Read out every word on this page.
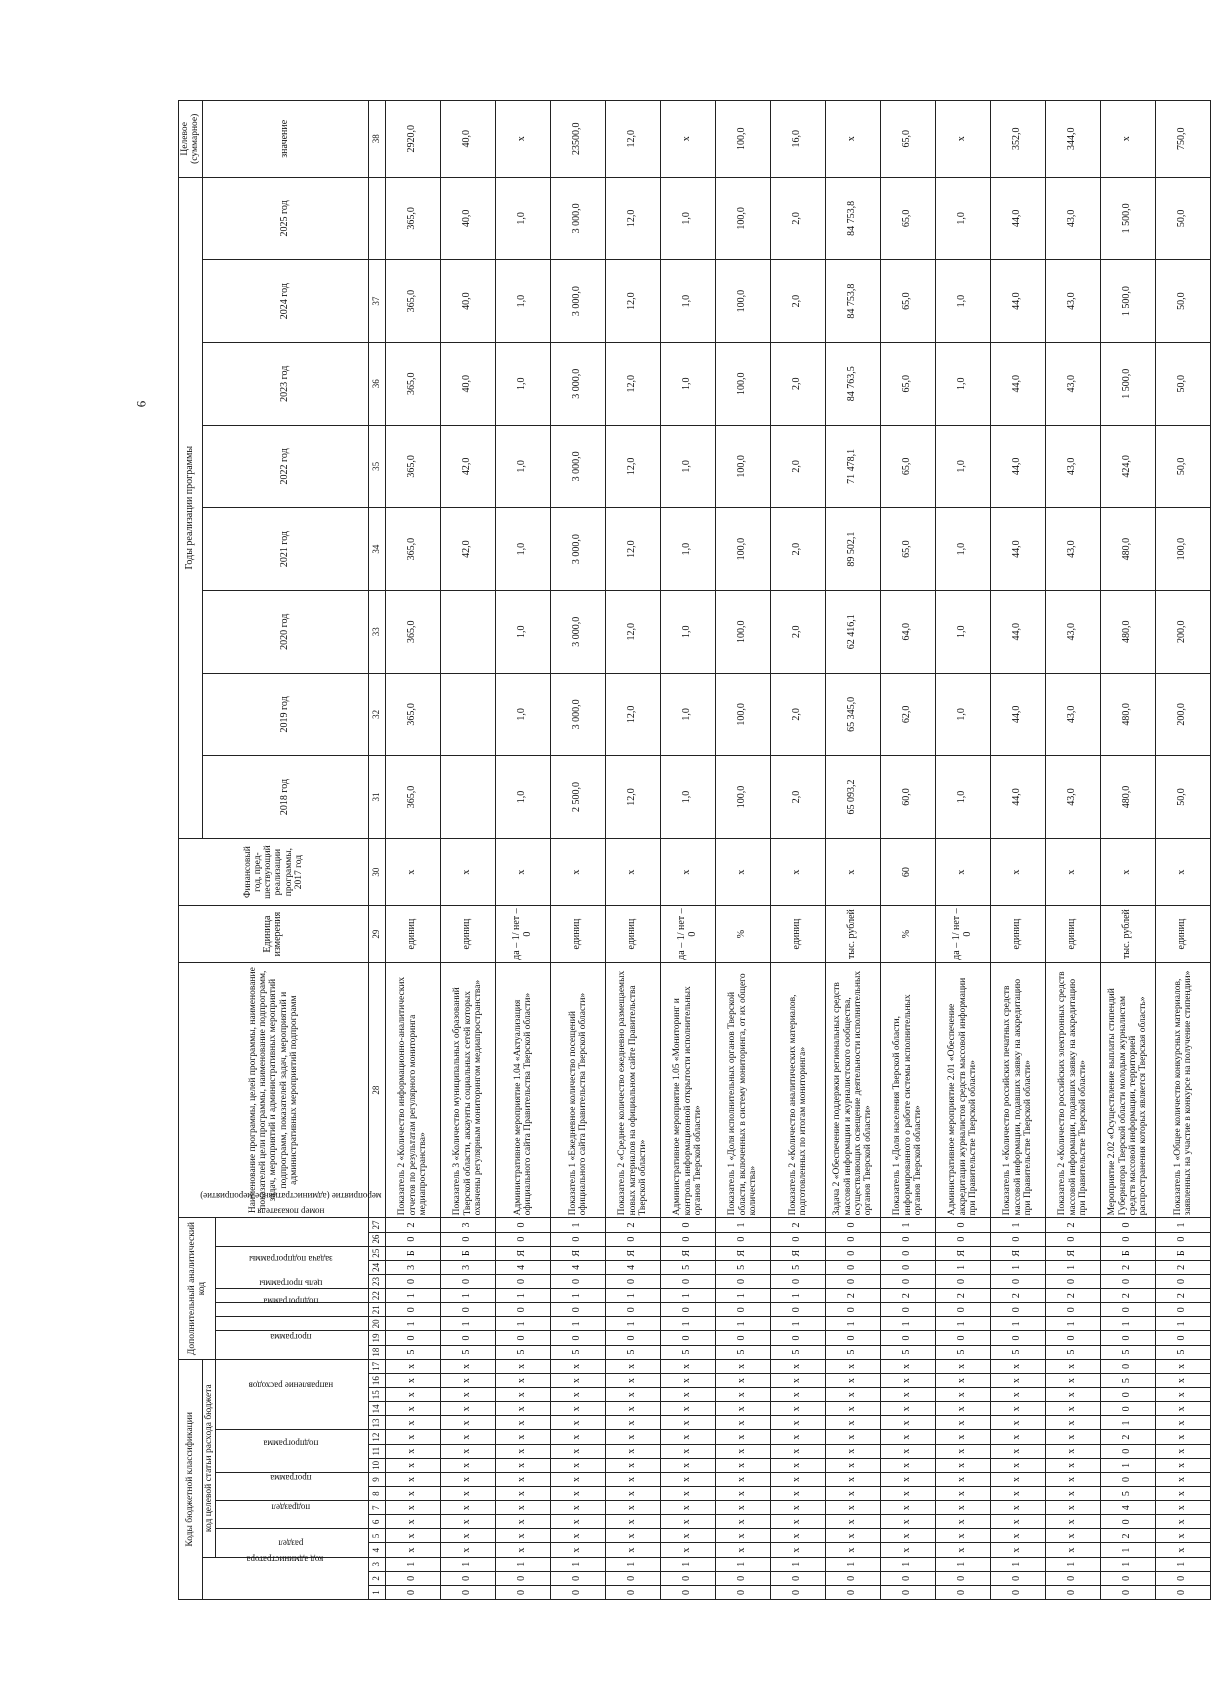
6
Коды бюджетной классификации																	Дополнительный аналитический код										Наименование программы, целей программы, наименование показателей цели программы, наименование подпрограмм, задач, мероприятий и административных мероприятий подпрограмм, показателей задач, мероприятий и административных мероприятий подпрограмм	Единица измерения	Финансовый год, пред-шествующий реализации программы, 2017 год	Годы реализации программы								Целевое (суммарное)
код администратора			код целевой статьи расхода бюджета																											2018 год	2019 год	2020 год	2021 год	2022 год	2023 год	2024 год	2025 год	значение
			раздел		подраздел		программа		подпрограмма			направление расходов					программа		подпрограмма	цель программы	задача подпрограммы	мероприятие (административное мероприятие)			номер показателя													
1	2	3	4	5	6	7	8	9	10	11	12	13	14	15	16	17	18	19	20	21	22	23	24	25	26	27	28	29	30	31	32	33	34	35	36	37		38
0	0	1	х	х	х	х	х	х	х	х	х	х	х	х	х	х	5	0	1	0	1	0	3	Б	0	2	Показатель 2 «Количество информационно-аналитических отчетов по результатам регулярного мониторинга медиапространства»	единиц	х	365,0	365,0	365,0	365,0	365,0	365,0	365,0	365,0	2920,0
0	0	1	х	х	х	х	х	х	х	х	х	х	х	х	х	х	5	0	1	0	1	0	3	Б	0	3	Показатель 3 «Количество муниципальных образований Тверской области, аккаунты социальных сетей которых охвачены регулярным мониторингом медиапространства»	единиц	х				42,0	42,0	40,0	40,0	40,0	40,0
0	0	1	х	х	х	х	х	х	х	х	х	х	х	х	х	х	5	0	1	0	1	0	4	Я	0	0	Административное мероприятие 1.04 «Актуализация официального сайта Правительства Тверской области»	да – 1/ нет – 0	х	1,0	1,0	1,0	1,0	1,0	1,0	1,0	1,0	х
0	0	1	х	х	х	х	х	х	х	х	х	х	х	х	х	х	5	0	1	0	1	0	4	Я	0	1	Показатель 1 «Ежедневное количество посещений официального сайта Правительства Тверской области»	единиц	х	2 500,0	3 000,0	3 000,0	3 000,0	3 000,0	3 000,0	3 000,0	3 000,0	23500,0
0	0	1	х	х	х	х	х	х	х	х	х	х	х	х	х	х	5	0	1	0	1	0	4	Я	0	2	Показатель 2 «Среднее количество ежедневно размещаемых новых материалов на официальном сайте Правительства Тверской области»	единиц	х	12,0	12,0	12,0	12,0	12,0	12,0	12,0	12,0	12,0
0	0	1	х	х	х	х	х	х	х	х	х	х	х	х	х	х	5	0	1	0	1	0	5	Я	0	0	Административное мероприятие 1.05 «Мониторинг и контроль информационной открытости исполнительных органов Тверской области»	да – 1/ нет – 0	х	1,0	1,0	1,0	1,0	1,0	1,0	1,0	1,0	х
0	0	1	х	х	х	х	х	х	х	х	х	х	х	х	х	х	5	0	1	0	1	0	5	Я	0	1	Показатель 1 «Доля исполнительных органов Тверской области, включенных в систему мониторинга, от их общего количества»	%	х	100,0	100,0	100,0	100,0	100,0	100,0	100,0	100,0	100,0
0	0	1	х	х	х	х	х	х	х	х	х	х	х	х	х	х	5	0	1	0	1	0	5	Я	0	2	Показатель 2 «Количество аналитических материалов, подготовленных по итогам мониторинга»	единиц	х	2,0	2,0	2,0	2,0	2,0	2,0	2,0	2,0	16,0
0	0	1	х	х	х	х	х	х	х	х	х	х	х	х	х	х	5	0	1	0	2	0	0	0	0	0	Задача 2 «Обеспечение поддержки региональных средств массовой информации и журналистского сообщества, осуществляющих освещение деятельности исполнительных органов Тверской области»	тыс. рублей	х	65 093,2	65 345,0	62 416,1	89 502,1	71 478,1	84 763,5	84 753,8	84 753,8	х
0	0	1	х	х	х	х	х	х	х	х	х	х	х	х	х	х	5	0	1	0	2	0	0	0	0	1	Показатель 1 «Доля населения Тверской области, информированного о работе системы исполнительных органов Тверской области»	%	60	60,0	62,0	64,0	65,0	65,0	65,0	65,0	65,0	65,0
0	0	1	х	х	х	х	х	х	х	х	х	х	х	х	х	х	5	0	1	0	2	0	1	Я	0	0	Административное мероприятие 2.01 «Обеспечение аккредитации журналистов средств массовой информации при Правительстве Тверской области»	да – 1/ нет – 0	х	1,0	1,0	1,0	1,0	1,0	1,0	1,0	1,0	х
0	0	1	х	х	х	х	х	х	х	х	х	х	х	х	х	х	5	0	1	0	2	0	1	Я	0	1	Показатель 1 «Количество российских печатных средств массовой информации, подавших заявку на аккредитацию при Правительстве Тверской области»	единиц	х	44,0	44,0	44,0	44,0	44,0	44,0	44,0	44,0	352,0
0	0	1	х	х	х	х	х	х	х	х	х	х	х	х	х	х	5	0	1	0	2	0	1	Я	0	2	Показатель 2 «Количество российских электронных средств массовой информации, подавших заявку на аккредитацию при Правительстве Тверской области»	единиц	х	43,0	43,0	43,0	43,0	43,0	43,0	43,0	43,0	344,0
0	0	1	1	2	0	4	5	0	1	0	2	1	0	0	5	0	5	0	1	0	2	0	2	Б	0	0	Мероприятие 2.02 «Осуществление выплаты стипендий Губернатора Тверской области молодым журналистам средств массовой информации, территорией распространения которых является Тверская область»	тыс. рублей	х	480,0	480,0	480,0	480,0	424,0	1 500,0	1 500,0	1 500,0	х
0	0	1	х	х	х	х	х	х	х	х	х	х	х	х	х	х	5	0	1	0	2	0	2	Б	0	1	Показатель 1 «Общее количество конкурсных материалов, заявленных на участие в конкурсе на получение стипендии»	единиц	х	50,0	200,0	200,0	100,0	50,0	50,0	50,0	50,0	750,0
